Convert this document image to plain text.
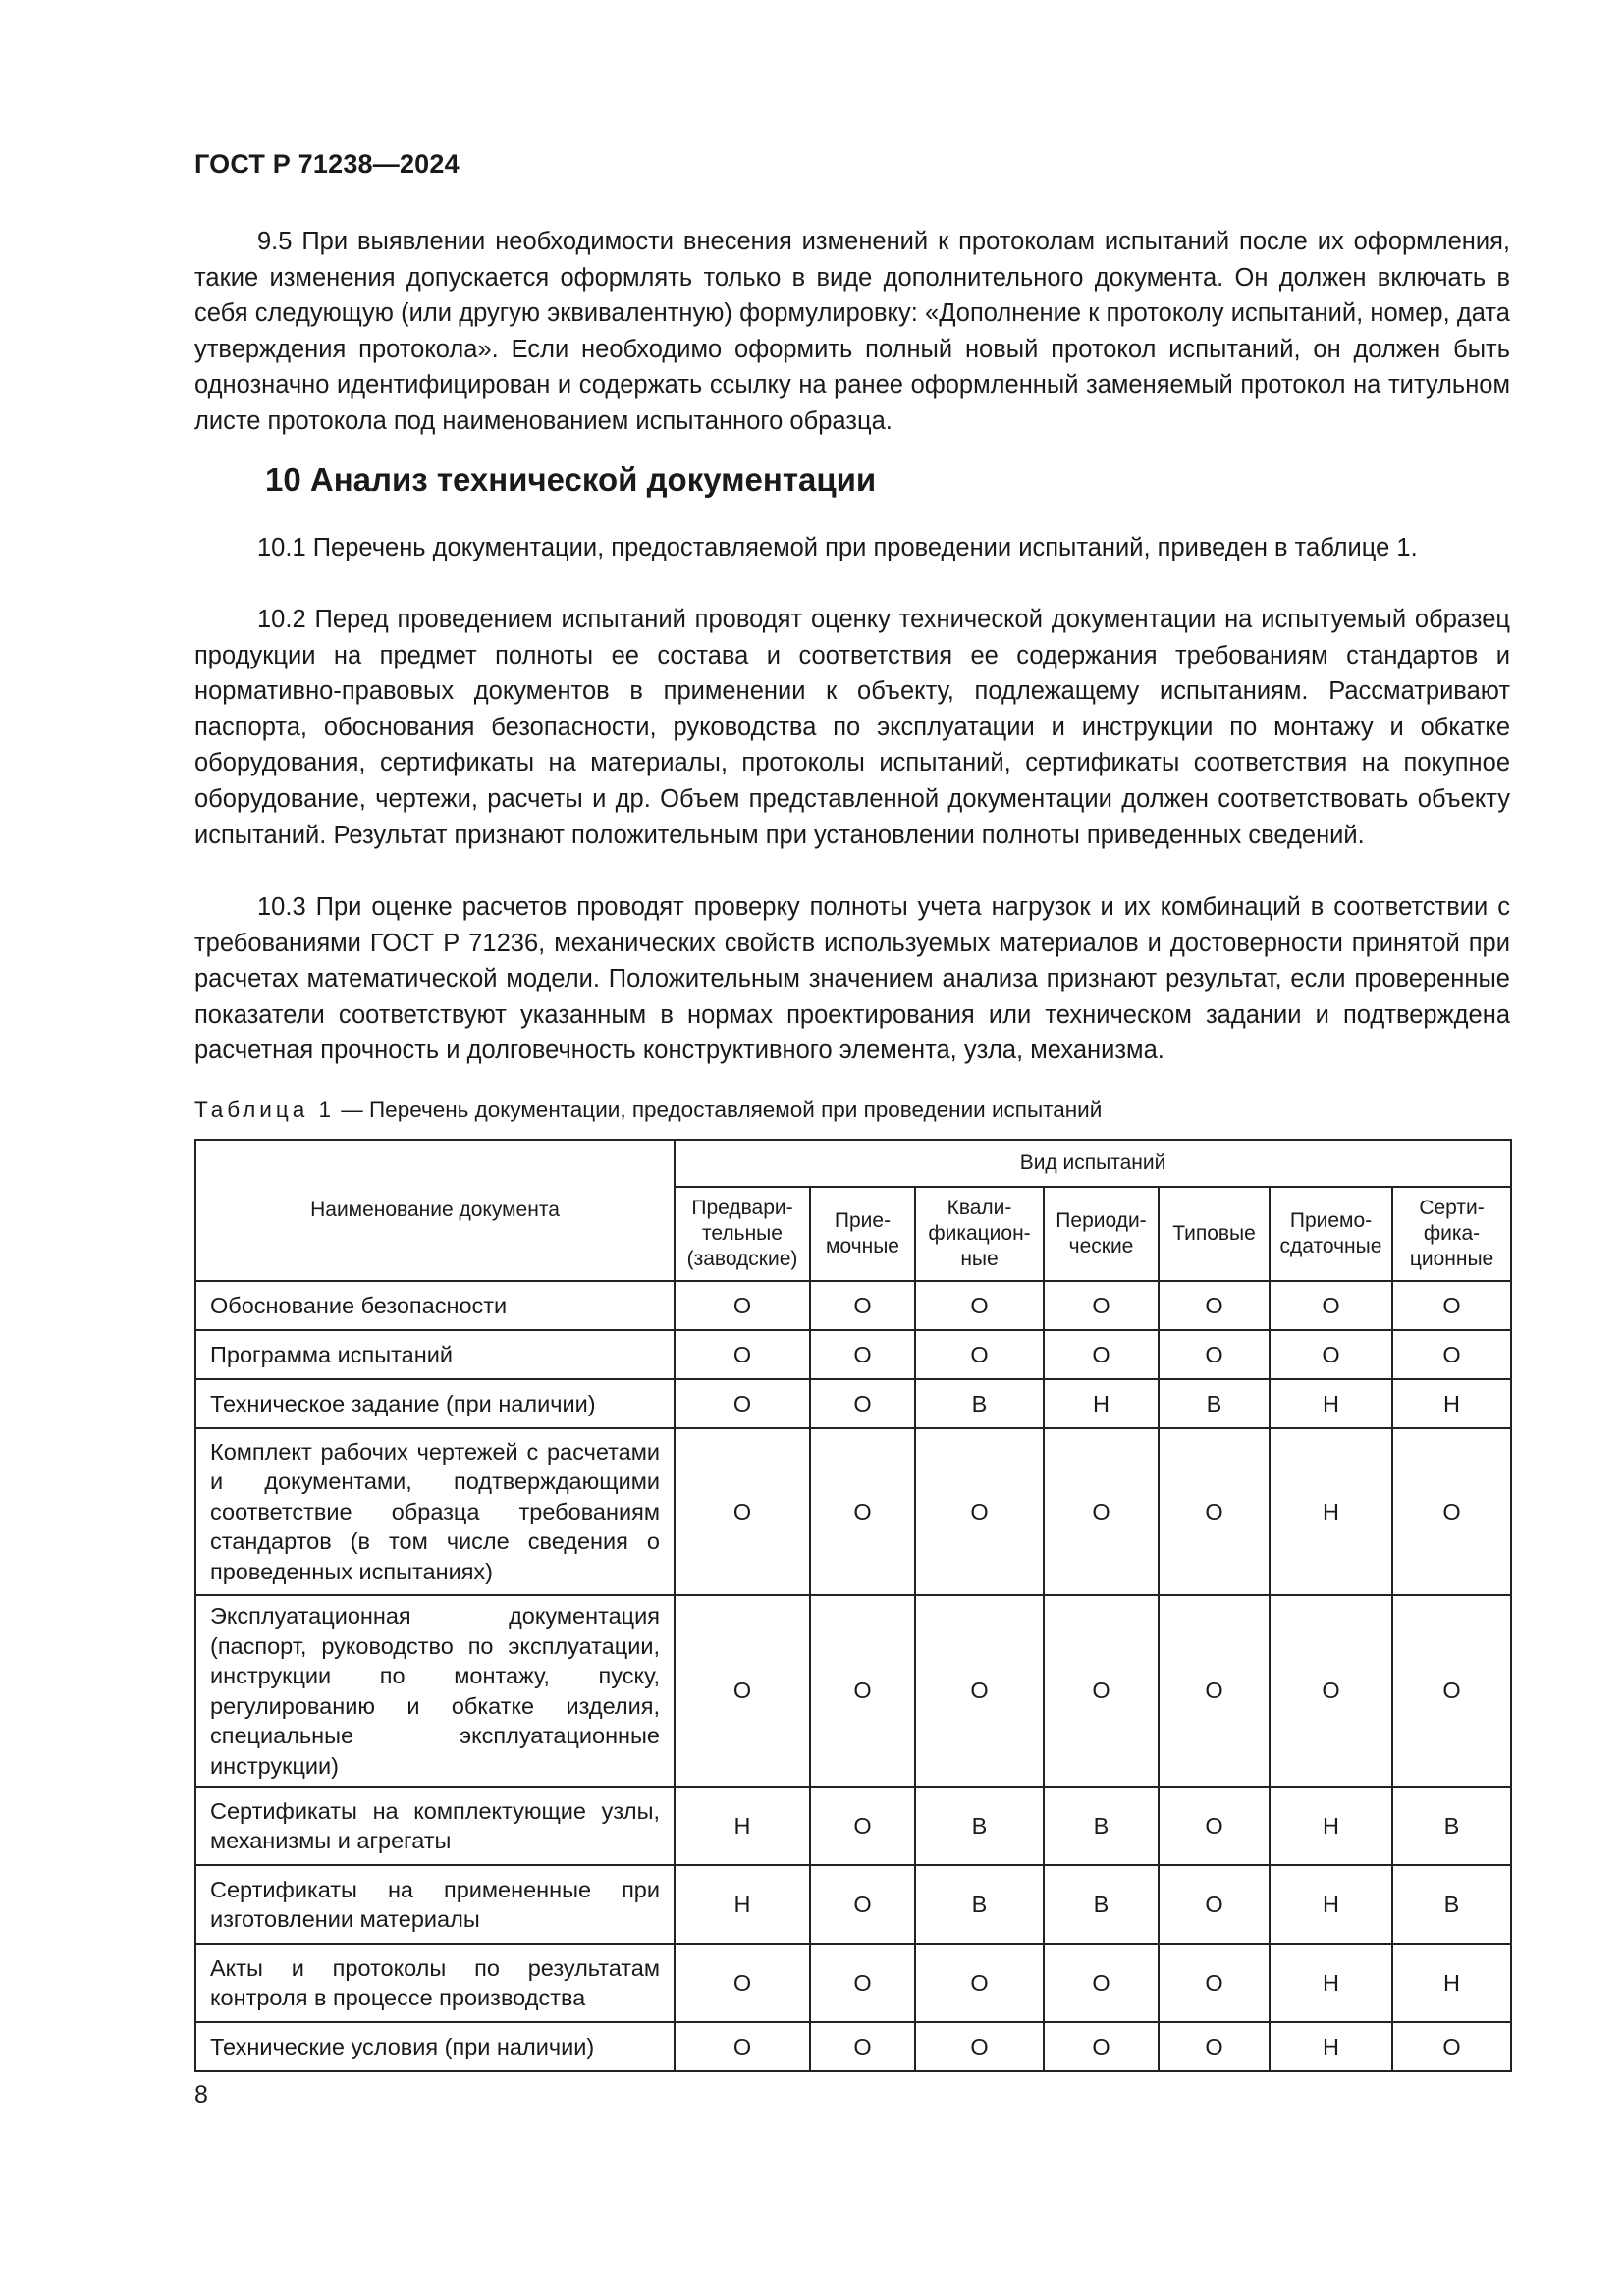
ГОСТ Р 71238—2024

9.5 При выявлении необходимости внесения изменений к протоколам испытаний после их оформления, такие изменения допускается оформлять только в виде дополнительного документа. Он должен включать в себя следующую (или другую эквивалентную) формулировку: «Дополнение к протоколу испытаний, номер, дата утверждения протокола». Если необходимо оформить полный новый протокол испытаний, он должен быть однозначно идентифицирован и содержать ссылку на ранее оформленный заменяемый протокол на титульном листе протокола под наименованием испытанного образца.

10 Анализ технической документации

10.1 Перечень документации, предоставляемой при проведении испытаний, приведен в таблице 1.

10.2 Перед проведением испытаний проводят оценку технической документации на испытуемый образец продукции на предмет полноты ее состава и соответствия ее содержания требованиям стандартов и нормативно-правовых документов в применении к объекту, подлежащему испытаниям. Рассматривают паспорта, обоснования безопасности, руководства по эксплуатации и инструкции по монтажу и обкатке оборудования, сертификаты на материалы, протоколы испытаний, сертификаты соответствия на покупное оборудование, чертежи, расчеты и др. Объем представленной документации должен соответствовать объекту испытаний. Результат признают положительным при установлении полноты приведенных сведений.

10.3 При оценке расчетов проводят проверку полноты учета нагрузок и их комбинаций в соответствии с требованиями ГОСТ Р 71236, механических свойств используемых материалов и достоверности принятой при расчетах математической модели. Положительным значением анализа признают результат, если проверенные показатели соответствуют указанным в нормах проектирования или техническом задании и подтверждена расчетная прочность и долговечность конструктивного элемента, узла, механизма.

Таблица 1 — Перечень документации, предоставляемой при проведении испытаний

Наименование документа	Вид испытаний						
	Предвари-тельные (заводские)	Прие-мочные	Квали-фикацион-ные	Периоди-ческие	Типовые	Приемо-сдаточные	Серти-фика-ционные
Обоснование безопасности	О	О	О	О	О	О	О
Программа испытаний	О	О	О	О	О	О	О
Техническое задание (при наличии)	О	О	В	Н	В	Н	Н
Комплект рабочих чертежей с расчетами и документами, подтверждающими соответствие образца требованиям стандартов (в том числе сведения о проведенных испытаниях)	О	О	О	О	О	Н	О
Эксплуатационная документация (паспорт, руководство по эксплуатации, инструкции по монтажу, пуску, регулированию и обкатке изделия, специальные эксплуатационные инструкции)	О	О	О	О	О	О	О
Сертификаты на комплектующие узлы, механизмы и агрегаты	Н	О	В	В	О	Н	В
Сертификаты на примененные при изготовлении материалы	Н	О	В	В	О	Н	В
Акты и протоколы по результатам контроля в процессе производства	О	О	О	О	О	Н	Н
Технические условия (при наличии)	О	О	О	О	О	Н	О
8
